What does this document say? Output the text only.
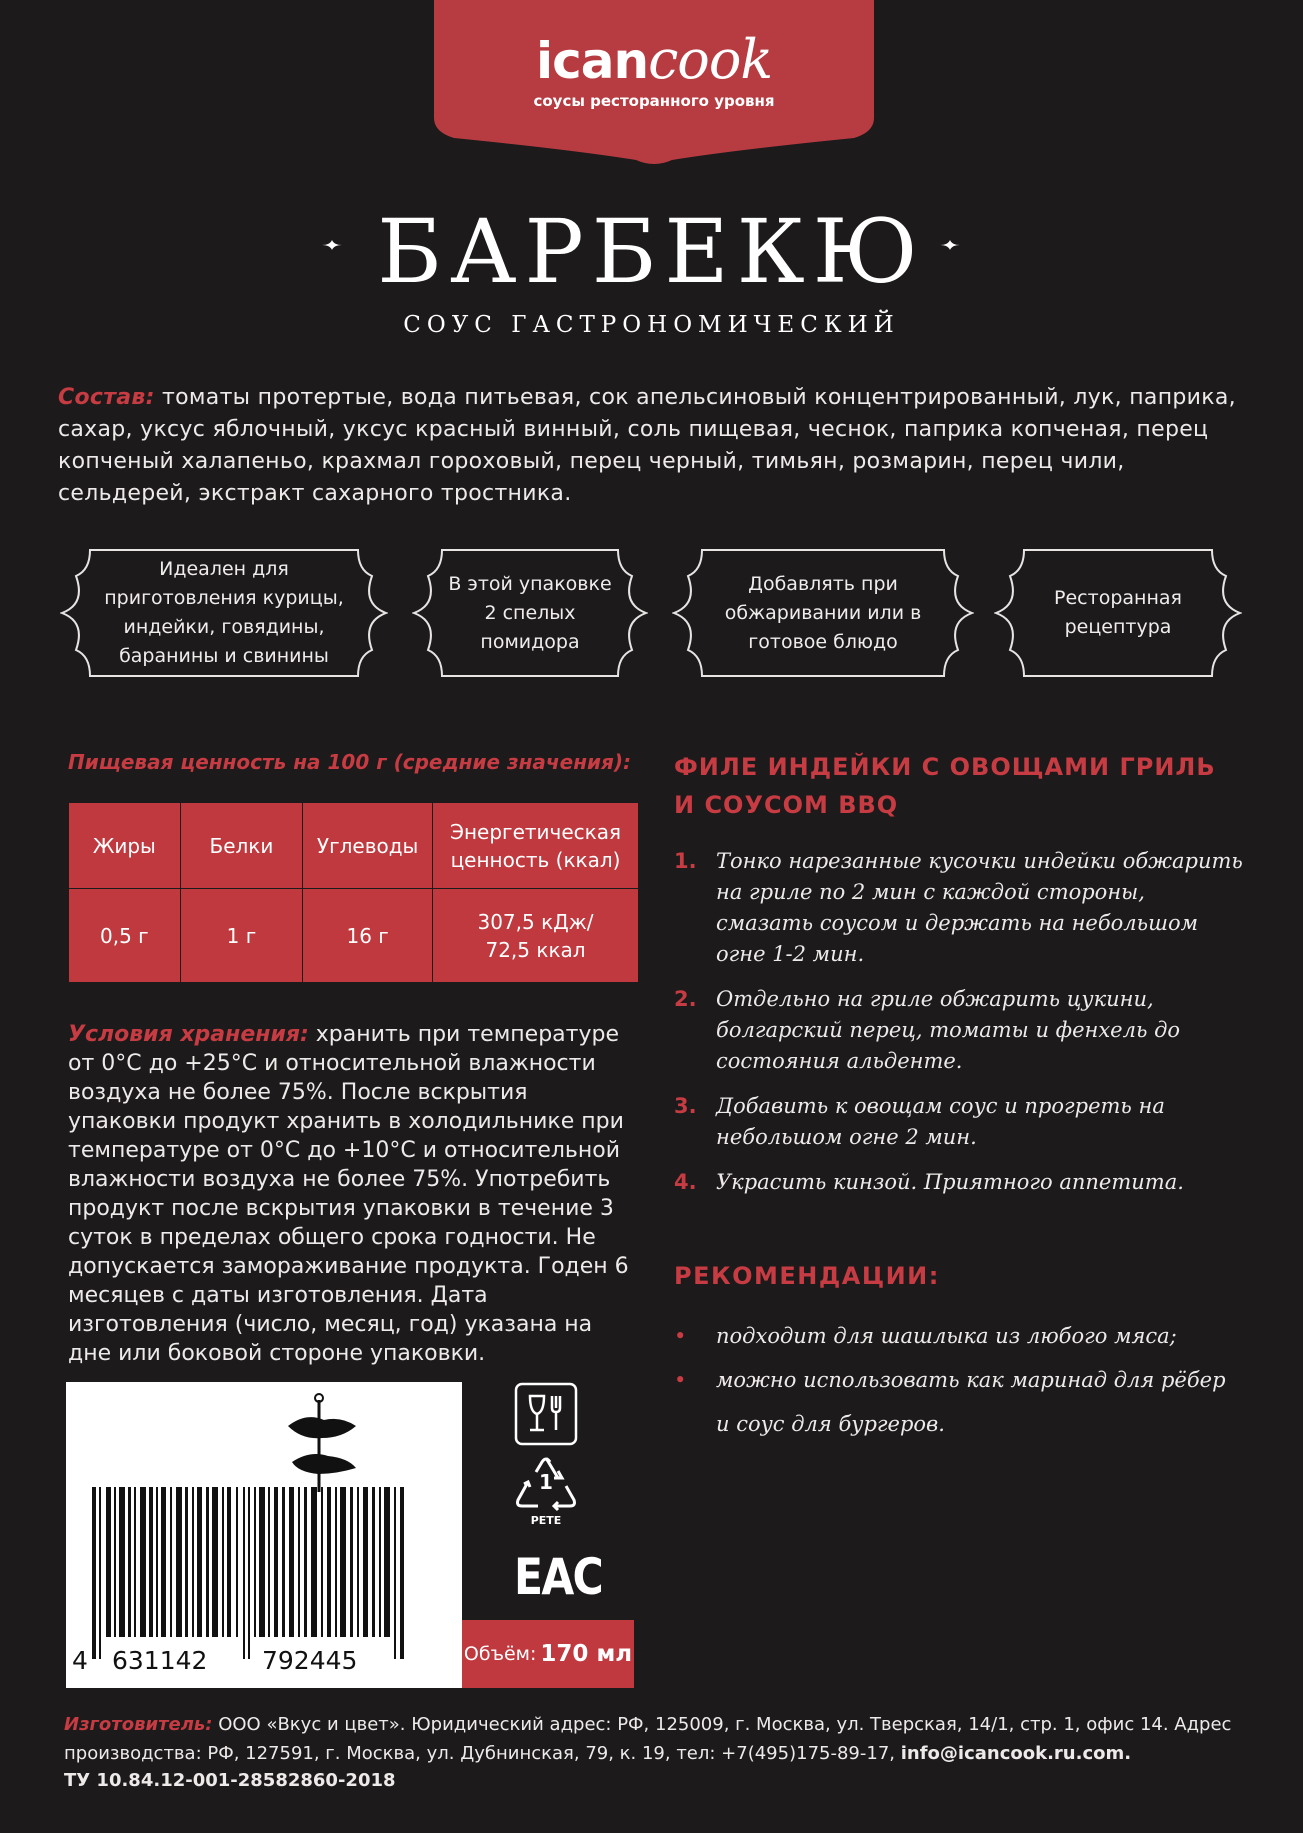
icancook
соусы ресторанного уровня
БАРБЕКЮ
СОУС ГАСТРОНОМИЧЕСКИЙ
Состав: томаты протертые, вода питьевая, сок апельсиновый концентрированный, лук, паприка, сахар, уксус яблочный, уксус красный винный, соль пищевая, чеснок, паприка копченая, перец копченый халапеньо, крахмал гороховый, перец черный, тимьян, розмарин, перец чили, сельдерей, экстракт сахарного тростника.
Идеален для приготовления курицы, индейки, говядины, баранины и свинины
В этой упаковке 2 спелых помидора
Добавлять при обжаривании или в готовое блюдо
Ресторанная рецептура
Пищевая ценность на 100 г (средние значения):
Жиры	Белки	Углеводы	Энергетическая ценность (ккал)
0,5 г	1 г	16 г	307,5 кДж/ 72,5 ккал
Условия хранения: хранить при температуре от 0°С до +25°С и относительной влажности воздуха не более 75%. После вскрытия упаковки продукт хранить в холодильнике при температуре от 0°С до +10°С и относительной влажности воздуха не более 75%. Употребить продукт после вскрытия упаковки в течение 3 суток в пределах общего срока годности. Не допускается замораживание продукта. Годен 6 месяцев с даты изготовления. Дата изготовления (число, месяц, год) указана на дне или боковой стороне упаковки.
ФИЛЕ ИНДЕЙКИ С ОВОЩАМИ ГРИЛЬ И СОУСОМ BBQ
1. Тонко нарезанные кусочки индейки обжарить на гриле по 2 мин с каждой стороны, смазать соусом и держать на небольшом огне 1-2 мин.
2. Отдельно на гриле обжарить цукини, болгарский перец, томаты и фенхель до состояния альденте.
3. Добавить к овощам соус и прогреть на небольшом огне 2 мин.
4. Украсить кинзой. Приятного аппетита.
РЕКОМЕНДАЦИИ:
•	подходит для шашлыка из любого мяса;
•	можно использовать как маринад для рёбер и соус для бургеров.
4 631142 792445	Объём: 170 мл
1
PETE
EAC
Изготовитель: ООО «Вкус и цвет». Юридический адрес: РФ, 125009, г. Москва, ул. Тверская, 14/1, стр. 1, офис 14. Адрес производства: РФ, 127591, г. Москва, ул. Дубнинская, 79, к. 19, тел: +7(495)175-89-17, info@icancook.ru.com.
ТУ 10.84.12-001-28582860-2018
